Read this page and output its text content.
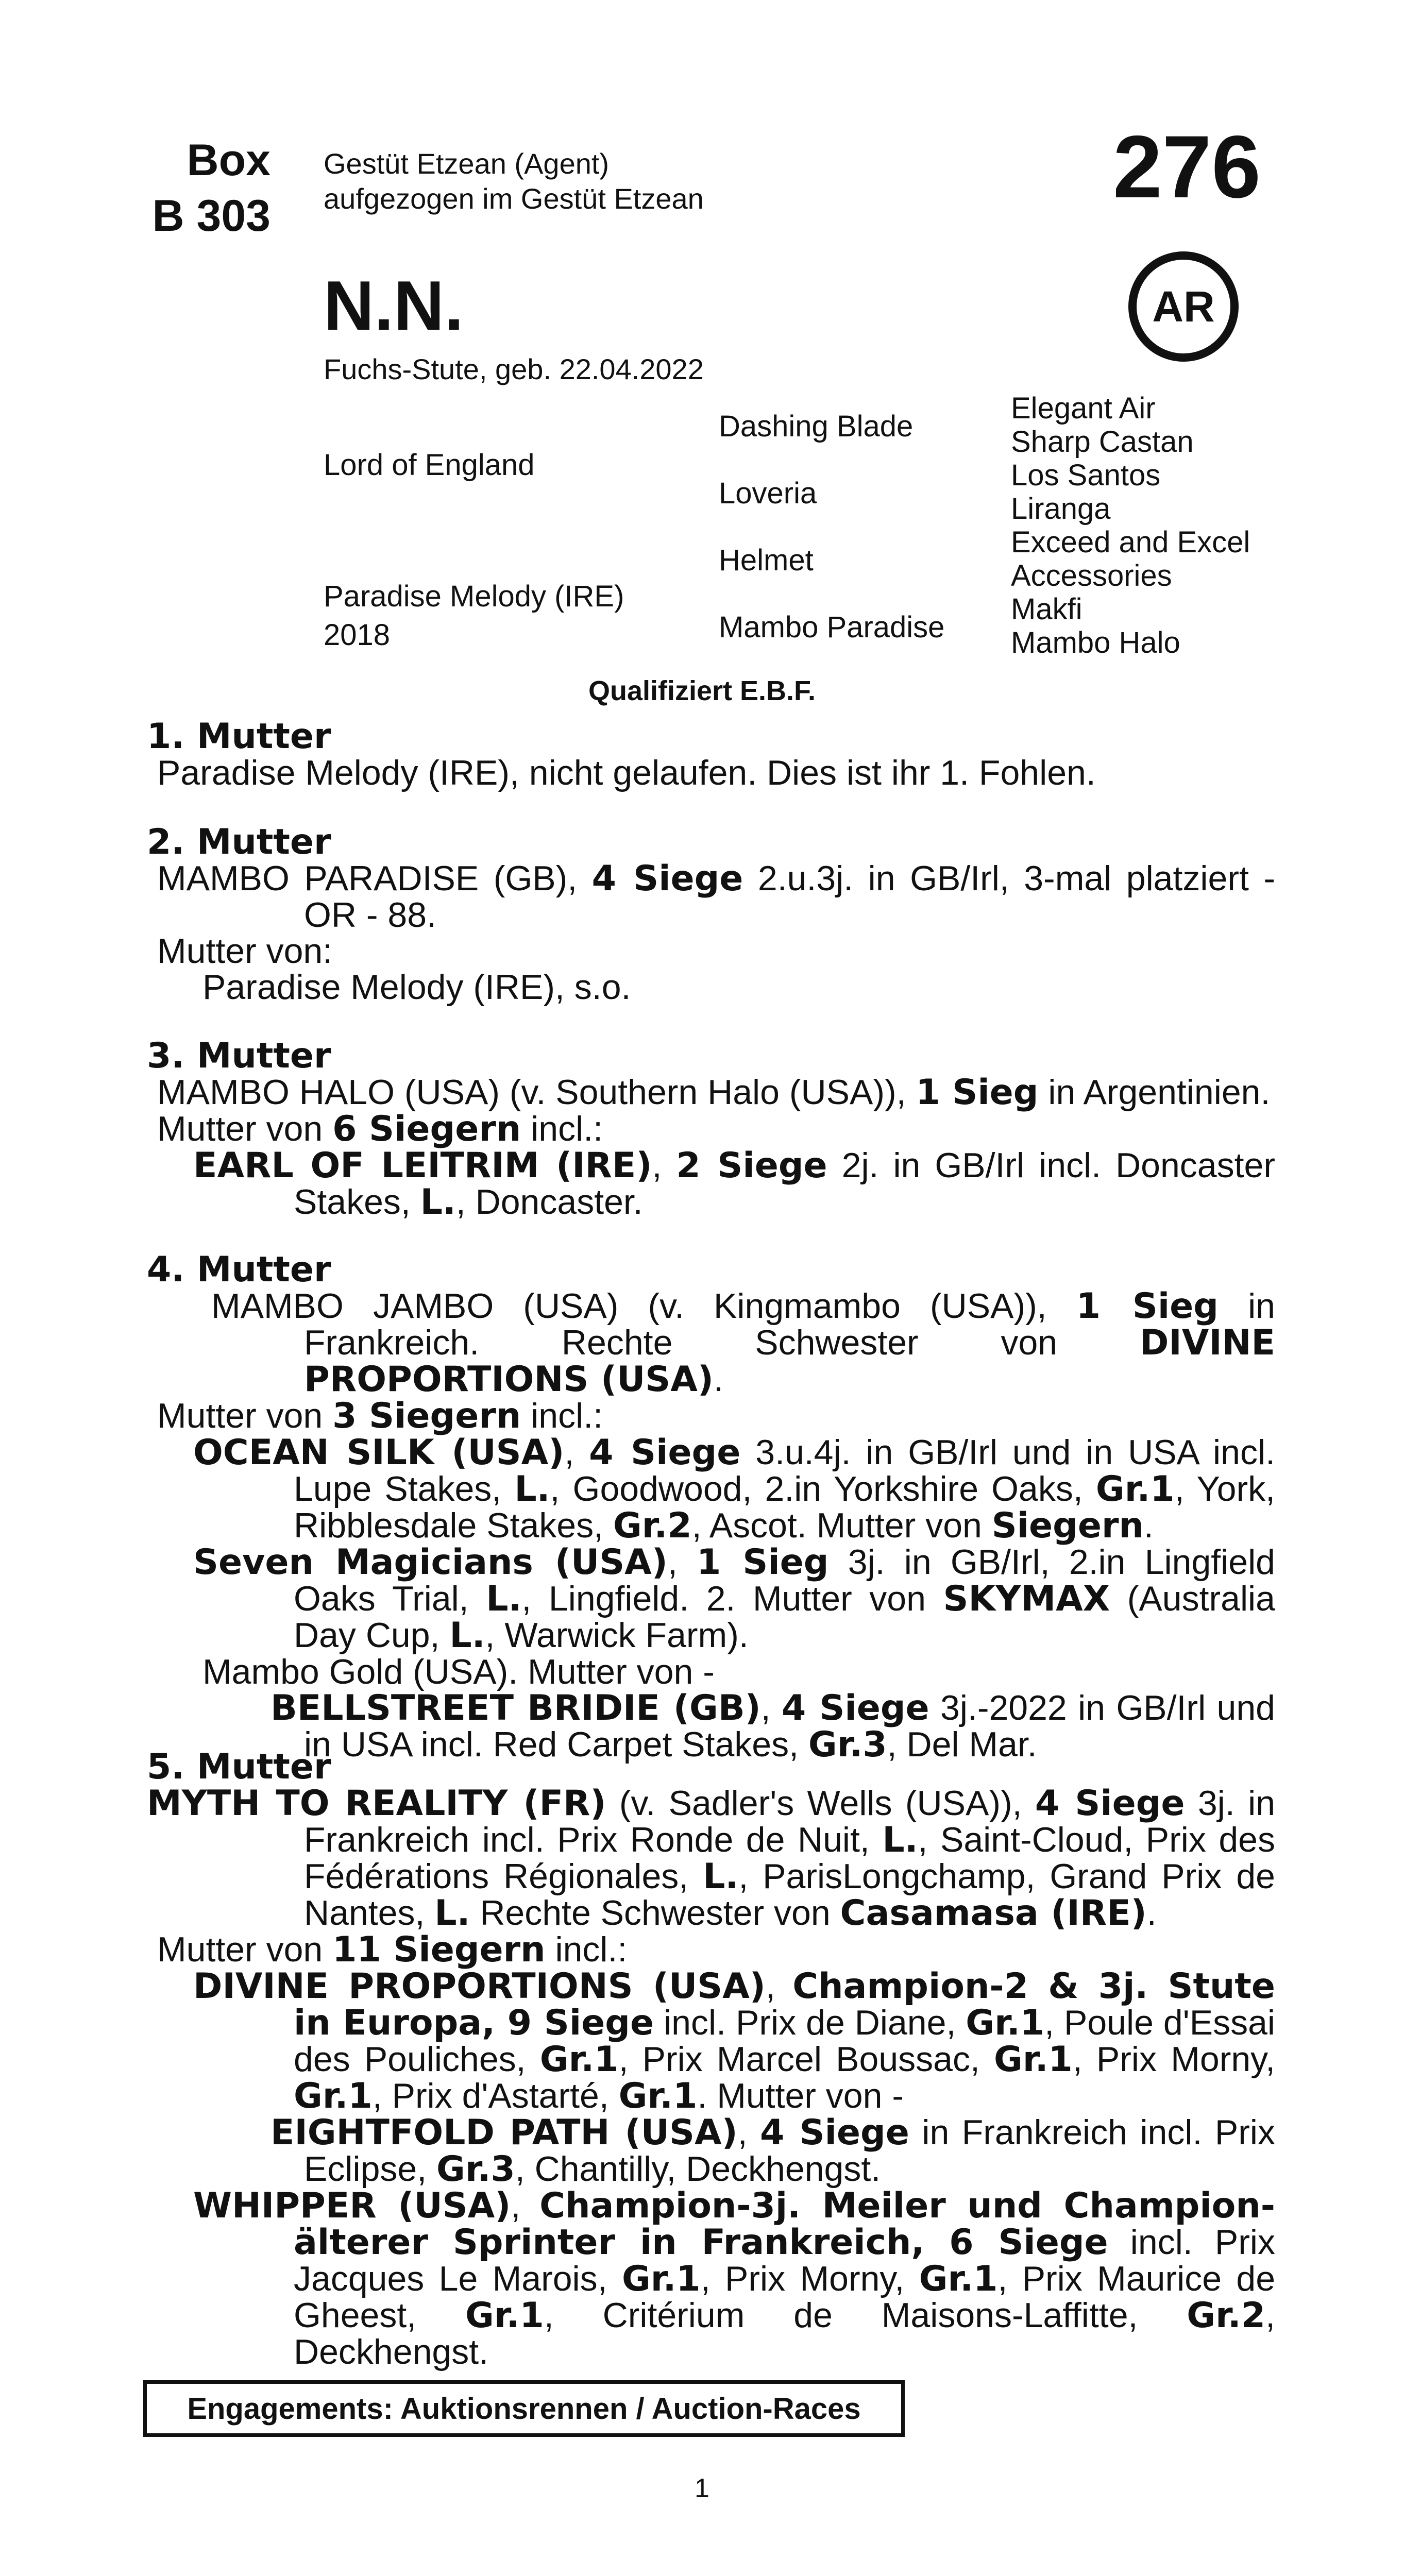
Box
B 303
Gestüt Etzean (Agent)
aufgezogen im Gestüt Etzean	276
AR
N.N.
Fuchs-Stute, geb. 22.04.2022
Lord of England
Paradise Melody (IRE)
2018
Dashing Blade
Loveria
Helmet
Mambo Paradise
Elegant Air
Sharp Castan
Los Santos
Liranga
Exceed and Excel
Accessories
Makfi
Mambo Halo
Qualifiziert E.B.F.
1. Mutter

Paradise Melody (IRE), nicht gelaufen. Dies ist ihr 1. Fohlen.

2. Mutter

MAMBO PARADISE (GB), 4 Siege 2.u.3j. in GB/Irl, 3-mal platziert - OR - 88.

Mutter von:

Paradise Melody (IRE), s.o.

3. Mutter

MAMBO HALO (USA) (v. Southern Halo (USA)), 1 Sieg in Argentinien.

Mutter von 6 Siegern incl.:

EARL OF LEITRIM (IRE), 2 Siege 2j. in GB/Irl incl. Doncaster Stakes, L., Doncaster.

4. Mutter

MAMBO JAMBO (USA) (v. Kingmambo (USA)), 1 Sieg in Frankreich. Rechte Schwester von DIVINE PROPORTIONS (USA).

Mutter von 3 Siegern incl.:

OCEAN SILK (USA), 4 Siege 3.u.4j. in GB/Irl und in USA incl. Lupe Stakes, L., Goodwood, 2.in Yorkshire Oaks, Gr.1, York, Ribblesdale Stakes, Gr.2, Ascot. Mutter von Siegern.

Seven Magicians (USA), 1 Sieg 3j. in GB/Irl, 2.in Lingfield Oaks Trial, L., Lingfield. 2. Mutter von SKYMAX (Australia Day Cup, L., Warwick Farm).

Mambo Gold (USA). Mutter von -

BELLSTREET BRIDIE (GB), 4 Siege 3j.-2022 in GB/Irl und in USA incl. Red Carpet Stakes, Gr.3, Del Mar.

5. Mutter

MYTH TO REALITY (FR) (v. Sadler's Wells (USA)), 4 Siege 3j. in Frankreich incl. Prix Ronde de Nuit, L., Saint-Cloud, Prix des Fédérations Régionales, L., ParisLongchamp, Grand Prix de Nantes, L. Rechte Schwester von Casamasa (IRE).

Mutter von 11 Siegern incl.:

DIVINE PROPORTIONS (USA), Champion-2 & 3j. Stute in Europa, 9 Siege incl. Prix de Diane, Gr.1, Poule d'Essai des Pouliches, Gr.1, Prix Marcel Boussac, Gr.1, Prix Morny, Gr.1, Prix d'Astarté, Gr.1. Mutter von -

EIGHTFOLD PATH (USA), 4 Siege in Frankreich incl. Prix Eclipse, Gr.3, Chantilly, Deckhengst.

WHIPPER (USA), Champion-3j. Meiler und Champion-älterer Sprinter in Frankreich, 6 Siege incl. Prix Jacques Le Marois, Gr.1, Prix Morny, Gr.1, Prix Maurice de Gheest, Gr.1, Critérium de Maisons-Laffitte, Gr.2, Deckhengst.

Engagements: Auktionsrennen / Auction-Races
1
